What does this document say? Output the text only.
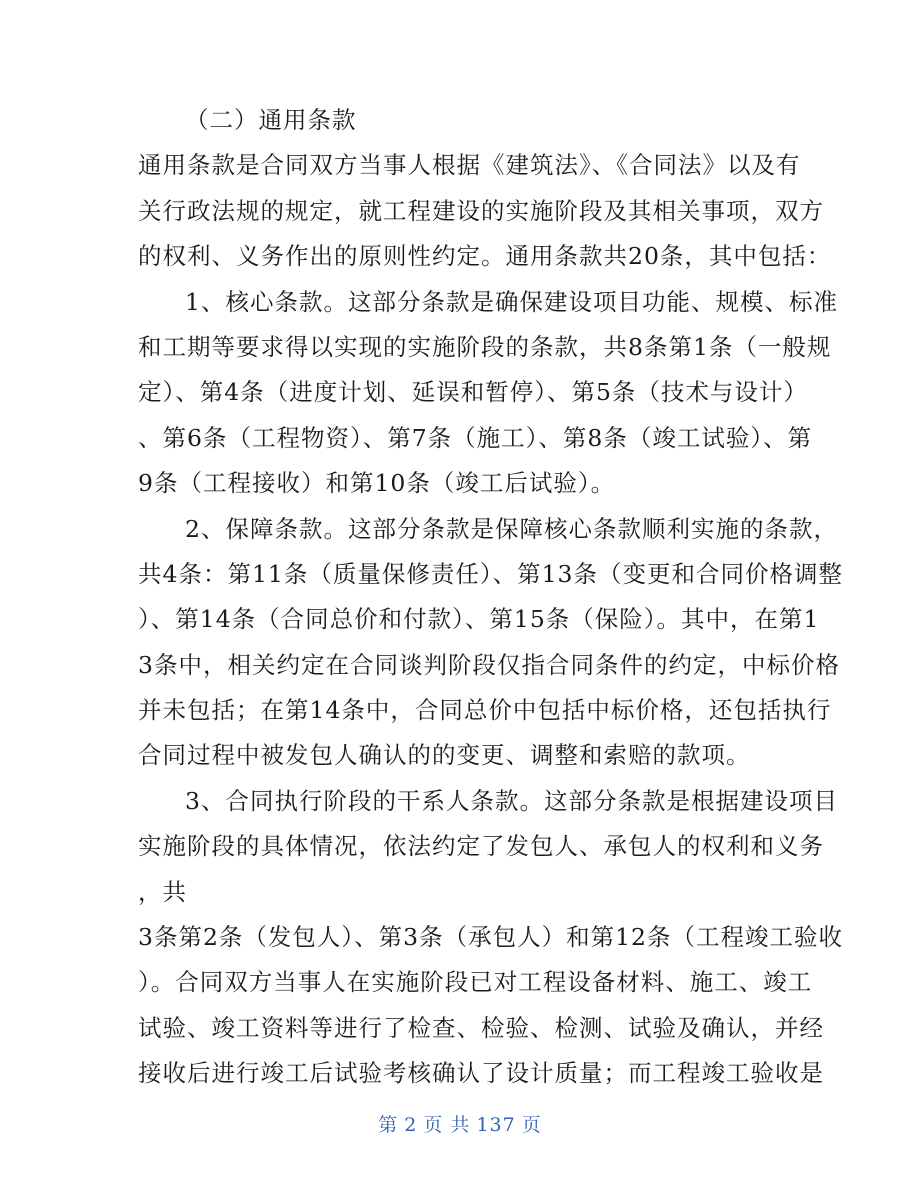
（二）通用条款
通用条款是合同双方当事人根据《建筑法》、《合同法》以及有
关行政法规的规定，就工程建设的实施阶段及其相关事项，双方
的权利、义务作出的原则性约定。通用条款共20条，其中包括：
1、核心条款。这部分条款是确保建设项目功能、规模、标准
和工期等要求得以实现的实施阶段的条款，共8条第1条（一般规
定）、第4条（进度计划、延误和暂停）、第5条（技术与设计）
、第6条（工程物资）、第7条（施工）、第8条（竣工试验）、第
9条（工程接收）和第10条（竣工后试验）。
2、保障条款。这部分条款是保障核心条款顺利实施的条款，
共4条：第11条（质量保修责任）、第13条（变更和合同价格调整
）、第14条（合同总价和付款）、第15条（保险）。其中，在第1
3条中，相关约定在合同谈判阶段仅指合同条件的约定，中标价格
并未包括；在第14条中，合同总价中包括中标价格，还包括执行
合同过程中被发包人确认的的变更、调整和索赔的款项。
3、合同执行阶段的干系人条款。这部分条款是根据建设项目
实施阶段的具体情况，依法约定了发包人、承包人的权利和义务
，共
3条第2条（发包人）、第3条（承包人）和第12条（工程竣工验收
）。合同双方当事人在实施阶段已对工程设备材料、施工、竣工
试验、竣工资料等进行了检查、检验、检测、试验及确认，并经
接收后进行竣工后试验考核确认了设计质量；而工程竣工验收是
第 2 页 共 137 页
